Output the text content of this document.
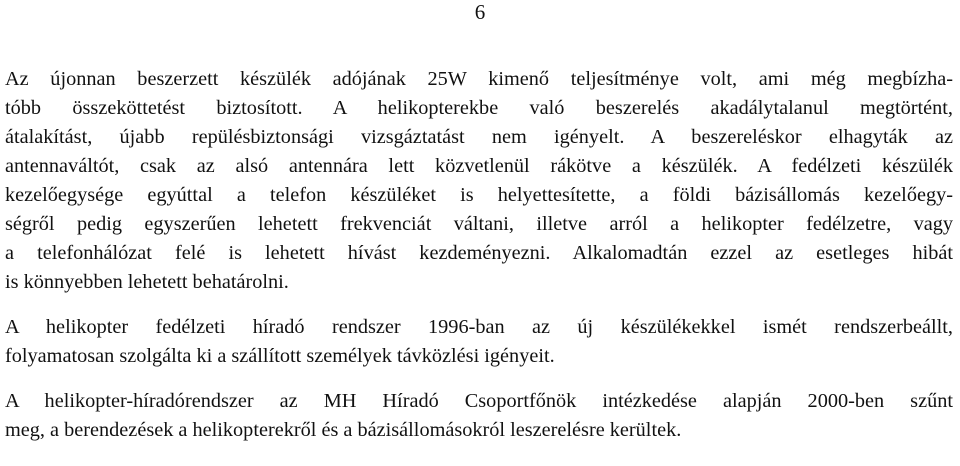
6

Az újonnan beszerzett készülék adójának 25W kimenő teljesítménye volt, ami még megbízha-
tóbb összeköttetést biztosított. A helikopterekbe való beszerelés akadálytalanul megtörtént,
átalakítást, újabb repülésbiztonsági vizsgáztatást nem igényelt. A beszereléskor elhagyták az
antennaváltót, csak az alsó antennára lett közvetlenül rákötve a készülék. A fedélzeti készülék
kezelőegysége egyúttal a telefon készüléket is helyettesítette, a földi bázisállomás kezelőegy-
ségről pedig egyszerűen lehetett frekvenciát váltani, illetve arról a helikopter fedélzetre, vagy
a telefonhálózat felé is lehetett hívást kezdeményezni. Alkalomadtán ezzel az esetleges hibát
is könnyebben lehetett behatárolni.

A helikopter fedélzeti híradó rendszer 1996-ban az új készülékekkel ismét rendszerbeállt,
folyamatosan szolgálta ki a szállított személyek távközlési igényeit.

A helikopter-híradórendszer az MH Híradó Csoportfőnök intézkedése alapján 2000-ben szűnt
meg, a berendezések a helikopterekről és a bázisállomásokról leszerelésre kerültek.
